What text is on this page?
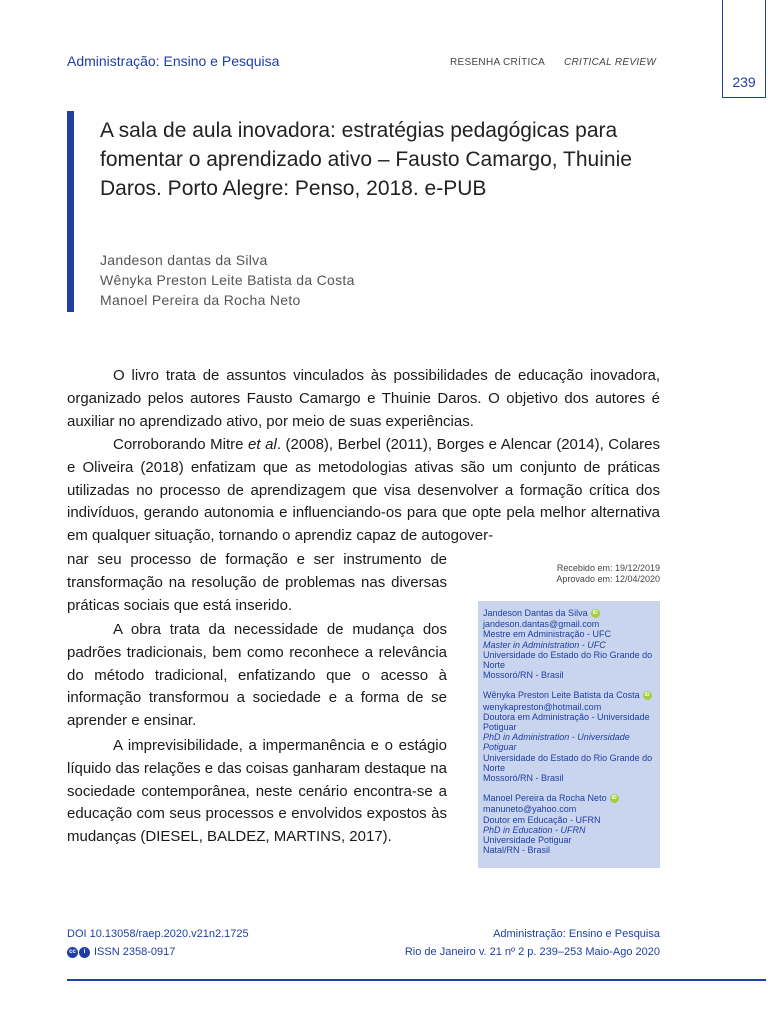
Administração: Ensino e Pesquisa	RESENHA CRÍTICA CRITICAL REVIEW
239
A sala de aula inovadora: estratégias pedagógicas para fomentar o aprendizado ativo – Fausto Camargo, Thuinie Daros. Porto Alegre: Penso, 2018. e-PUB
Jandeson dantas da Silva
Wênyka Preston Leite Batista da Costa
Manoel Pereira da Rocha Neto

O livro trata de assuntos vinculados às possibilidades de educação inovadora, organizado pelos autores Fausto Camargo e Thuinie Daros. O objetivo dos autores é auxiliar no aprendizado ativo, por meio de suas experiências.

Corroborando Mitre et al. (2008), Berbel (2011), Borges e Alencar (2014), Colares e Oliveira (2018) enfatizam que as metodologias ativas são um conjunto de práticas utilizadas no processo de aprendizagem que visa desenvolver a formação crítica dos indivíduos, gerando autonomia e influenciando-os para que opte pela melhor alternativa em qualquer situação, tornando o aprendiz capaz de autogover-

nar seu processo de formação e ser instrumento de transformação na resolução de problemas nas diversas práticas sociais que está inserido.

A obra trata da necessidade de mudança dos padrões tradicionais, bem como reconhece a relevância do método tradicional, enfatizando que o acesso à informação transformou a sociedade e a forma de se aprender e ensinar.

A imprevisibilidade, a impermanência e o estágio líquido das relações e das coisas ganharam destaque na sociedade contemporânea, neste cenário encontra-se a educação com seus processos e envolvidos expostos às mudanças (DIESEL, BALDEZ, MARTINS, 2017).

Recebido em: 19/12/2019
Aprovado em: 12/04/2020
Jandeson Dantas da Silva	iD
jandeson.dantas@gmail.com
Mestre em Administração - UFC
Master in Administration - UFC
Universidade do Estado do Rio Grande do Norte
Mossoró/RN - Brasil
Wênyka Preston Leite Batista da Costa	iD
wenykapreston@hotmail.com
Doutora em Administração - Universidade Potiguar
PhD in Administration - Universidade Potiguar
Universidade do Estado do Rio Grande do Norte
Mossoró/RN - Brasil
Manoel Pereira da Rocha Neto	iD
manuneto@yahoo.com
Doutor em Educação - UFRN
PhD in Education - UFRN
Universidade Potiguar
Natal/RN - Brasil
DOI 10.13058/raep.2020.v21n2.1725
cc	i ISSN 2358-0917
Administração: Ensino e Pesquisa
Rio de Janeiro v. 21 nº 2 p. 239–253 Maio-Ago 2020
